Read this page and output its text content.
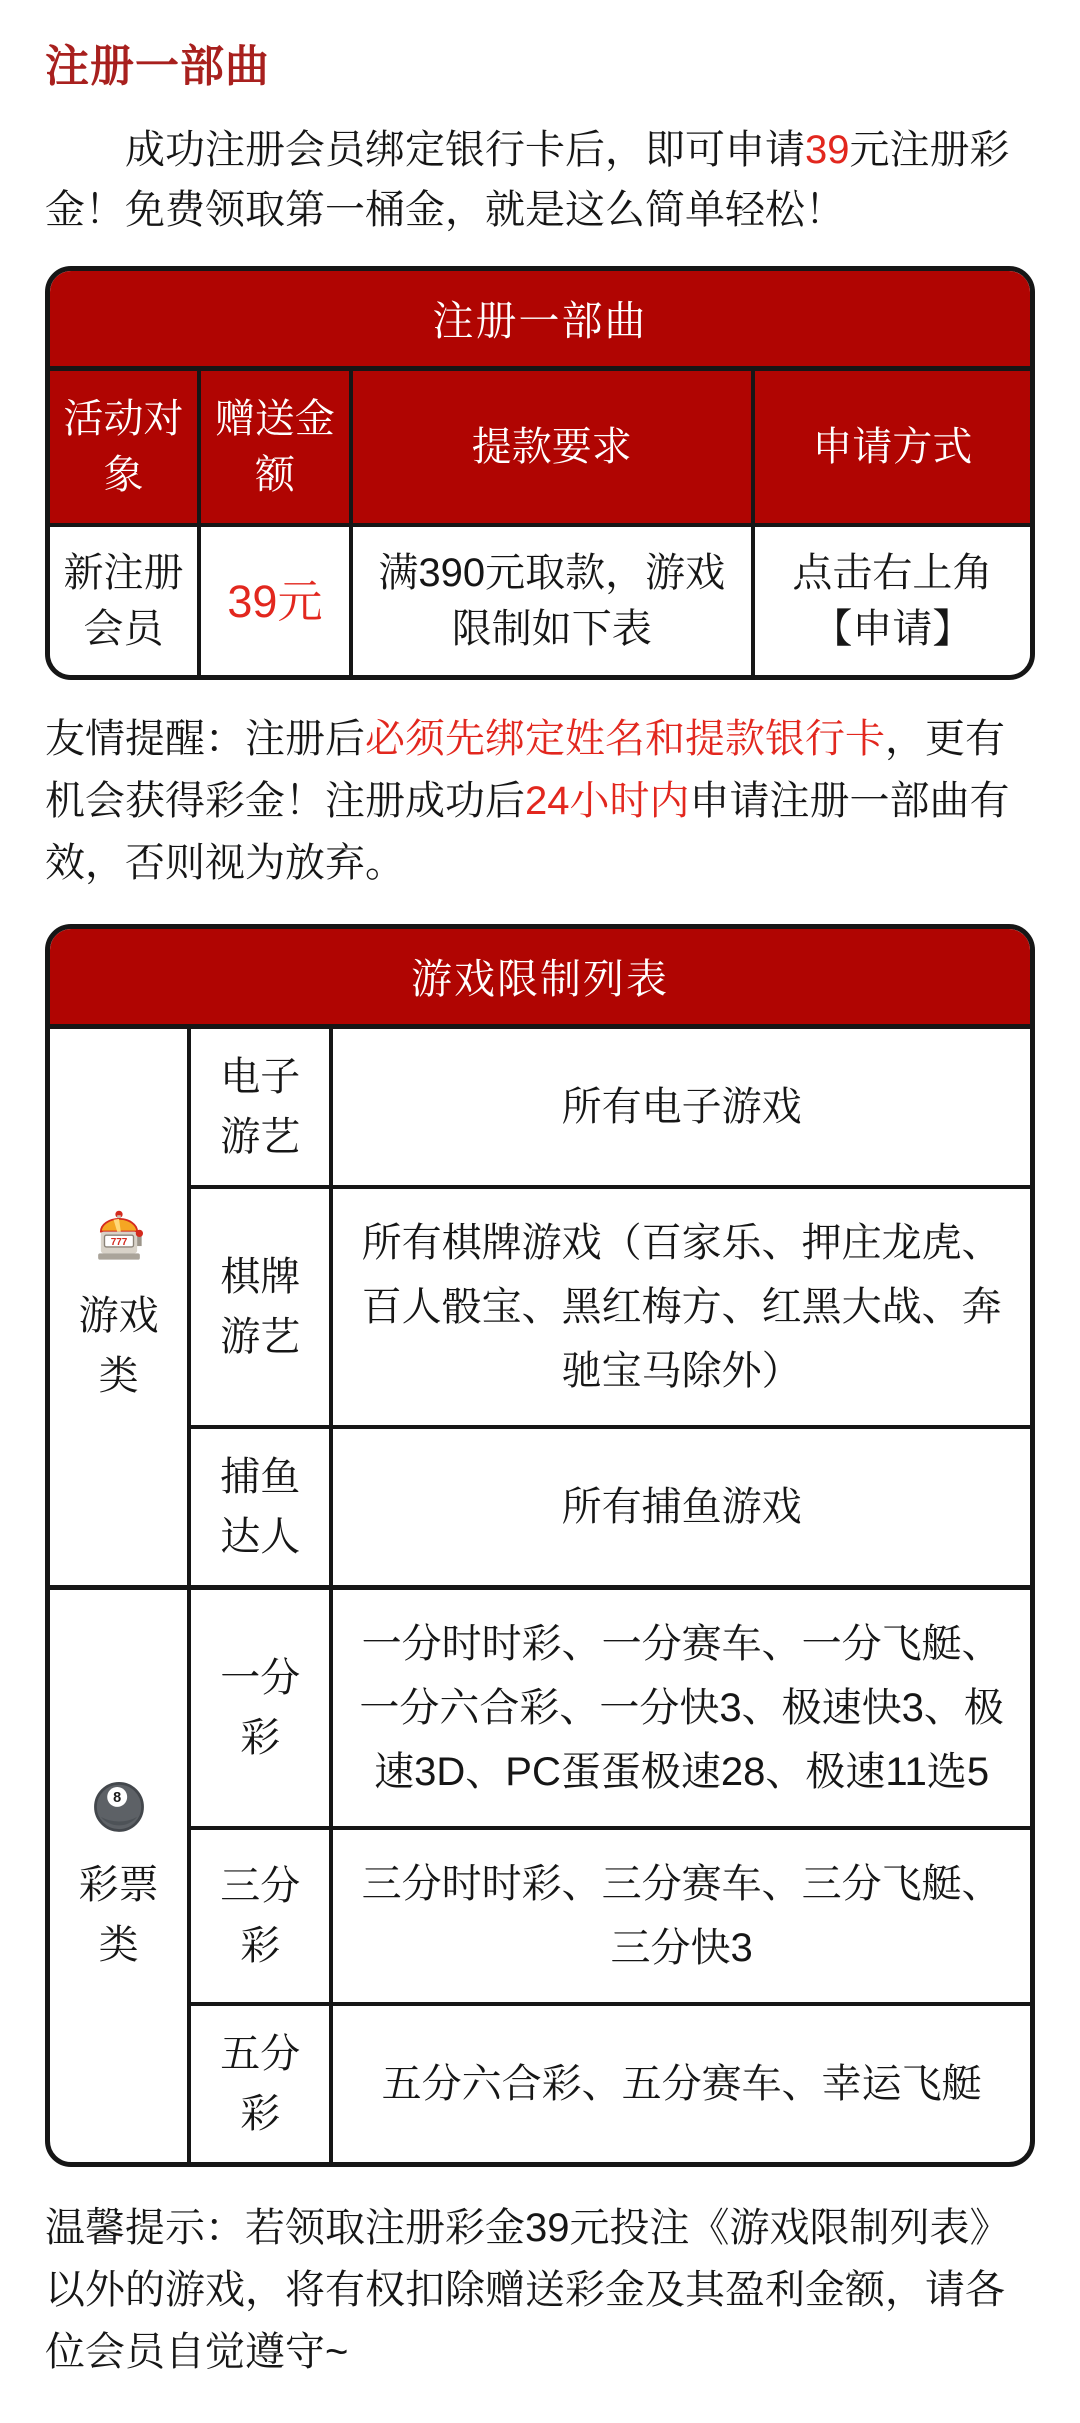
注册一部曲

成功注册会员绑定银行卡后，即可申请39元注册彩金！免费领取第一桶金，就是这么简单轻松！

注册一部曲
活动对象	赠送金额	提款要求	申请方式
新注册会员	39元	满390元取款，游戏限制如下表	点击右上角【申请】

友情提醒：注册后必须先绑定姓名和提款银行卡，更有机会获得彩金！注册成功后24小时内申请注册一部曲有效，否则视为放弃。

游戏限制列表
777
游戏类	电子游艺	所有电子游戏

	棋牌游艺	所有棋牌游戏（百家乐、押庄龙虎、百人骰宝、黑红梅方、红黑大战、奔驰宝马除外）

	捕鱼达人	所有捕鱼游戏

8
彩票类	一分彩	一分时时彩、一分赛车、一分飞艇、一分六合彩、一分快3、极速快3、极速3D、PC蛋蛋极速28、极速11选5

	三分彩	三分时时彩、三分赛车、三分飞艇、三分快3

	五分彩	五分六合彩、五分赛车、幸运飞艇

温馨提示：若领取注册彩金39元投注《游戏限制列表》以外的游戏，将有权扣除赠送彩金及其盈利金额，请各位会员自觉遵守~
